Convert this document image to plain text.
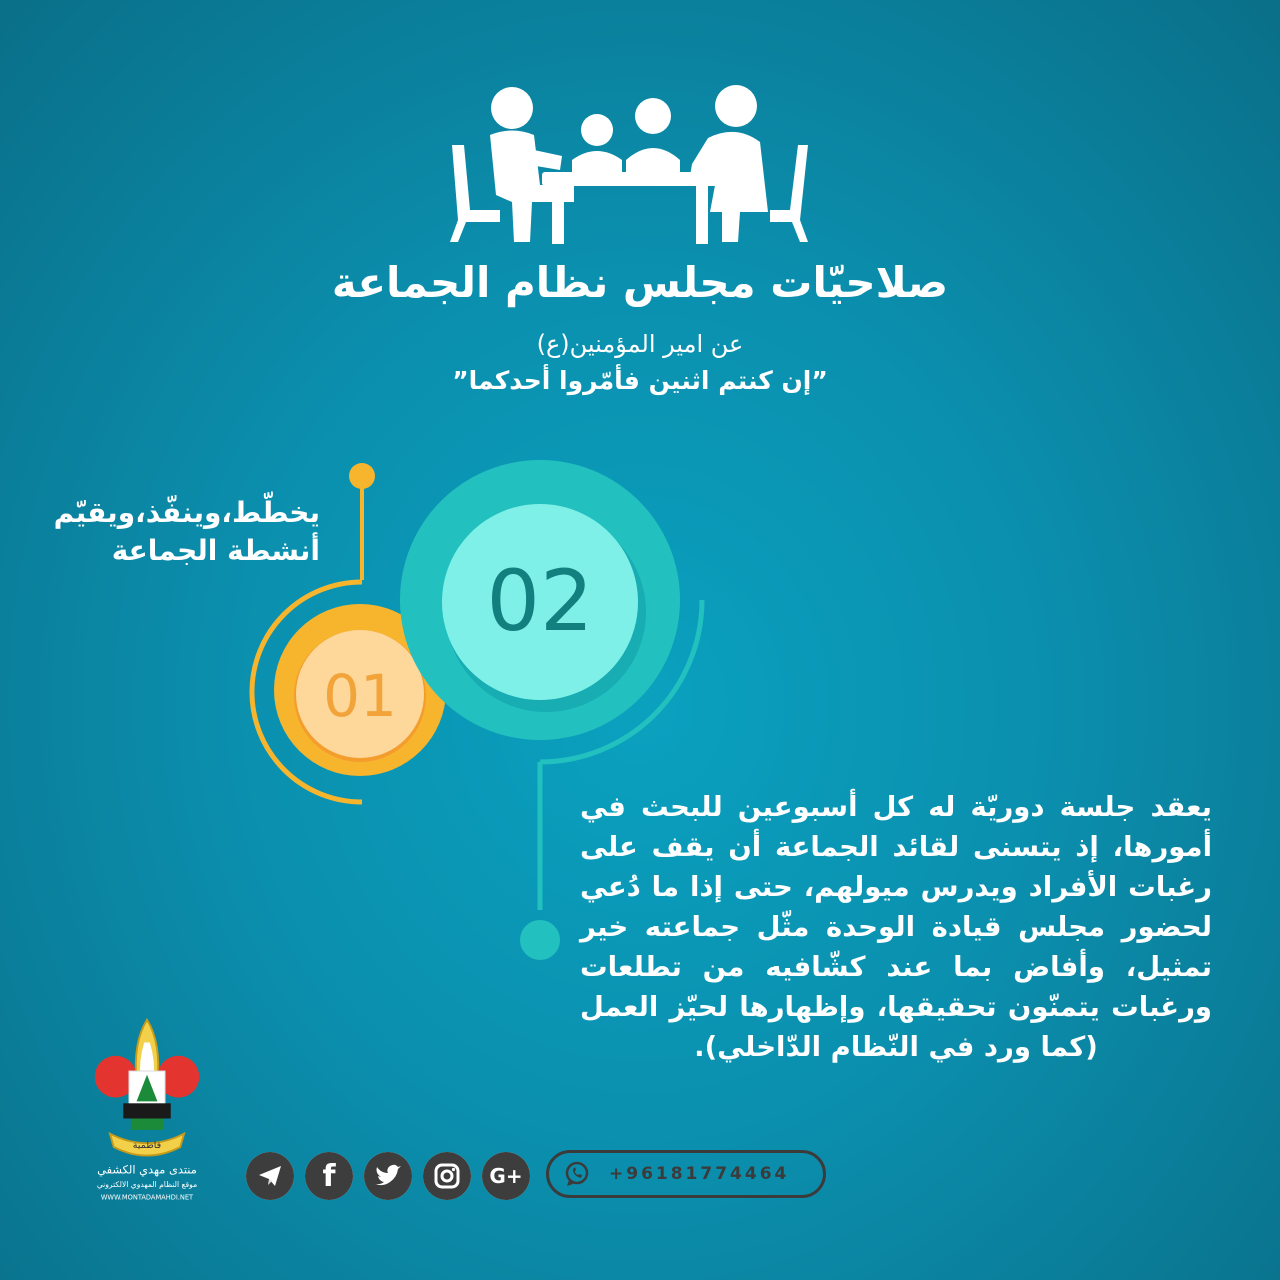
صلاحيّات مجلس نظام الجماعة
عن امير المؤمنين(ع)
”إن كنتم اثنين فأمّروا أحدكما”
01
02
يخطّط،وينفّذ،ويقيّم
أنشطة الجماعة
يعقد جلسة دوريّة له كل أسبوعين للبحث في أمورها، إذ يتسنى لقائد الجماعة أن يقف على رغبات الأفراد ويدرس ميولهم، حتى إذا ما دُعي لحضور مجلس قيادة الوحدة مثّل جماعته خير تمثيل، وأفاض بما عند كشّافيه من تطلعات ورغبات يتمنّون تحقيقها، وإظهارها لحيّز العمل (كما ورد في النّظام الدّاخلي).
فاطمية
منتدى مهدي الكشفي
موقع النظام المهدوي الالكتروني
WWW.MONTADAMAHDI.NET
f	G+	+96181774464
